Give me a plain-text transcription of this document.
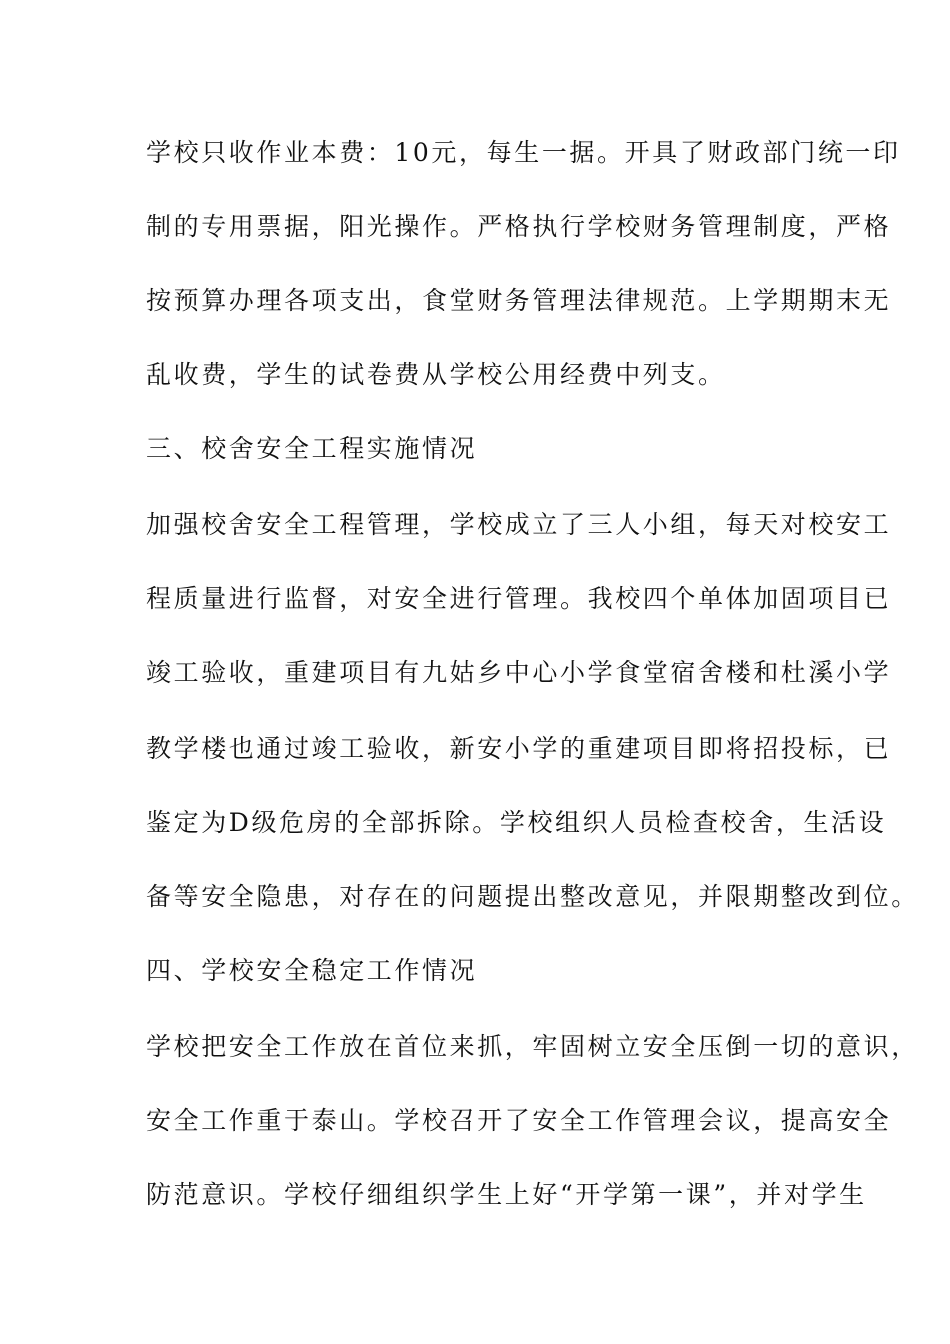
学校只收作业本费：10元，每生一据。开具了财政部门统一印
制的专用票据，阳光操作。严格执行学校财务管理制度，严格
按预算办理各项支出，食堂财务管理法律规范。上学期期末无
乱收费，学生的试卷费从学校公用经费中列支。
三、校舍安全工程实施情况
加强校舍安全工程管理，学校成立了三人小组，每天对校安工
程质量进行监督，对安全进行管理。我校四个单体加固项目已
竣工验收，重建项目有九姑乡中心小学食堂宿舍楼和杜溪小学
教学楼也通过竣工验收，新安小学的重建项目即将招投标，已
鉴定为D级危房的全部拆除。学校组织人员检查校舍，生活设
备等安全隐患，对存在的问题提出整改意见，并限期整改到位。
四、学校安全稳定工作情况
学校把安全工作放在首位来抓，牢固树立安全压倒一切的意识，
安全工作重于泰山。学校召开了安全工作管理会议，提高安全
防范意识。学校仔细组织学生上好“开学第一课”，并对学生
